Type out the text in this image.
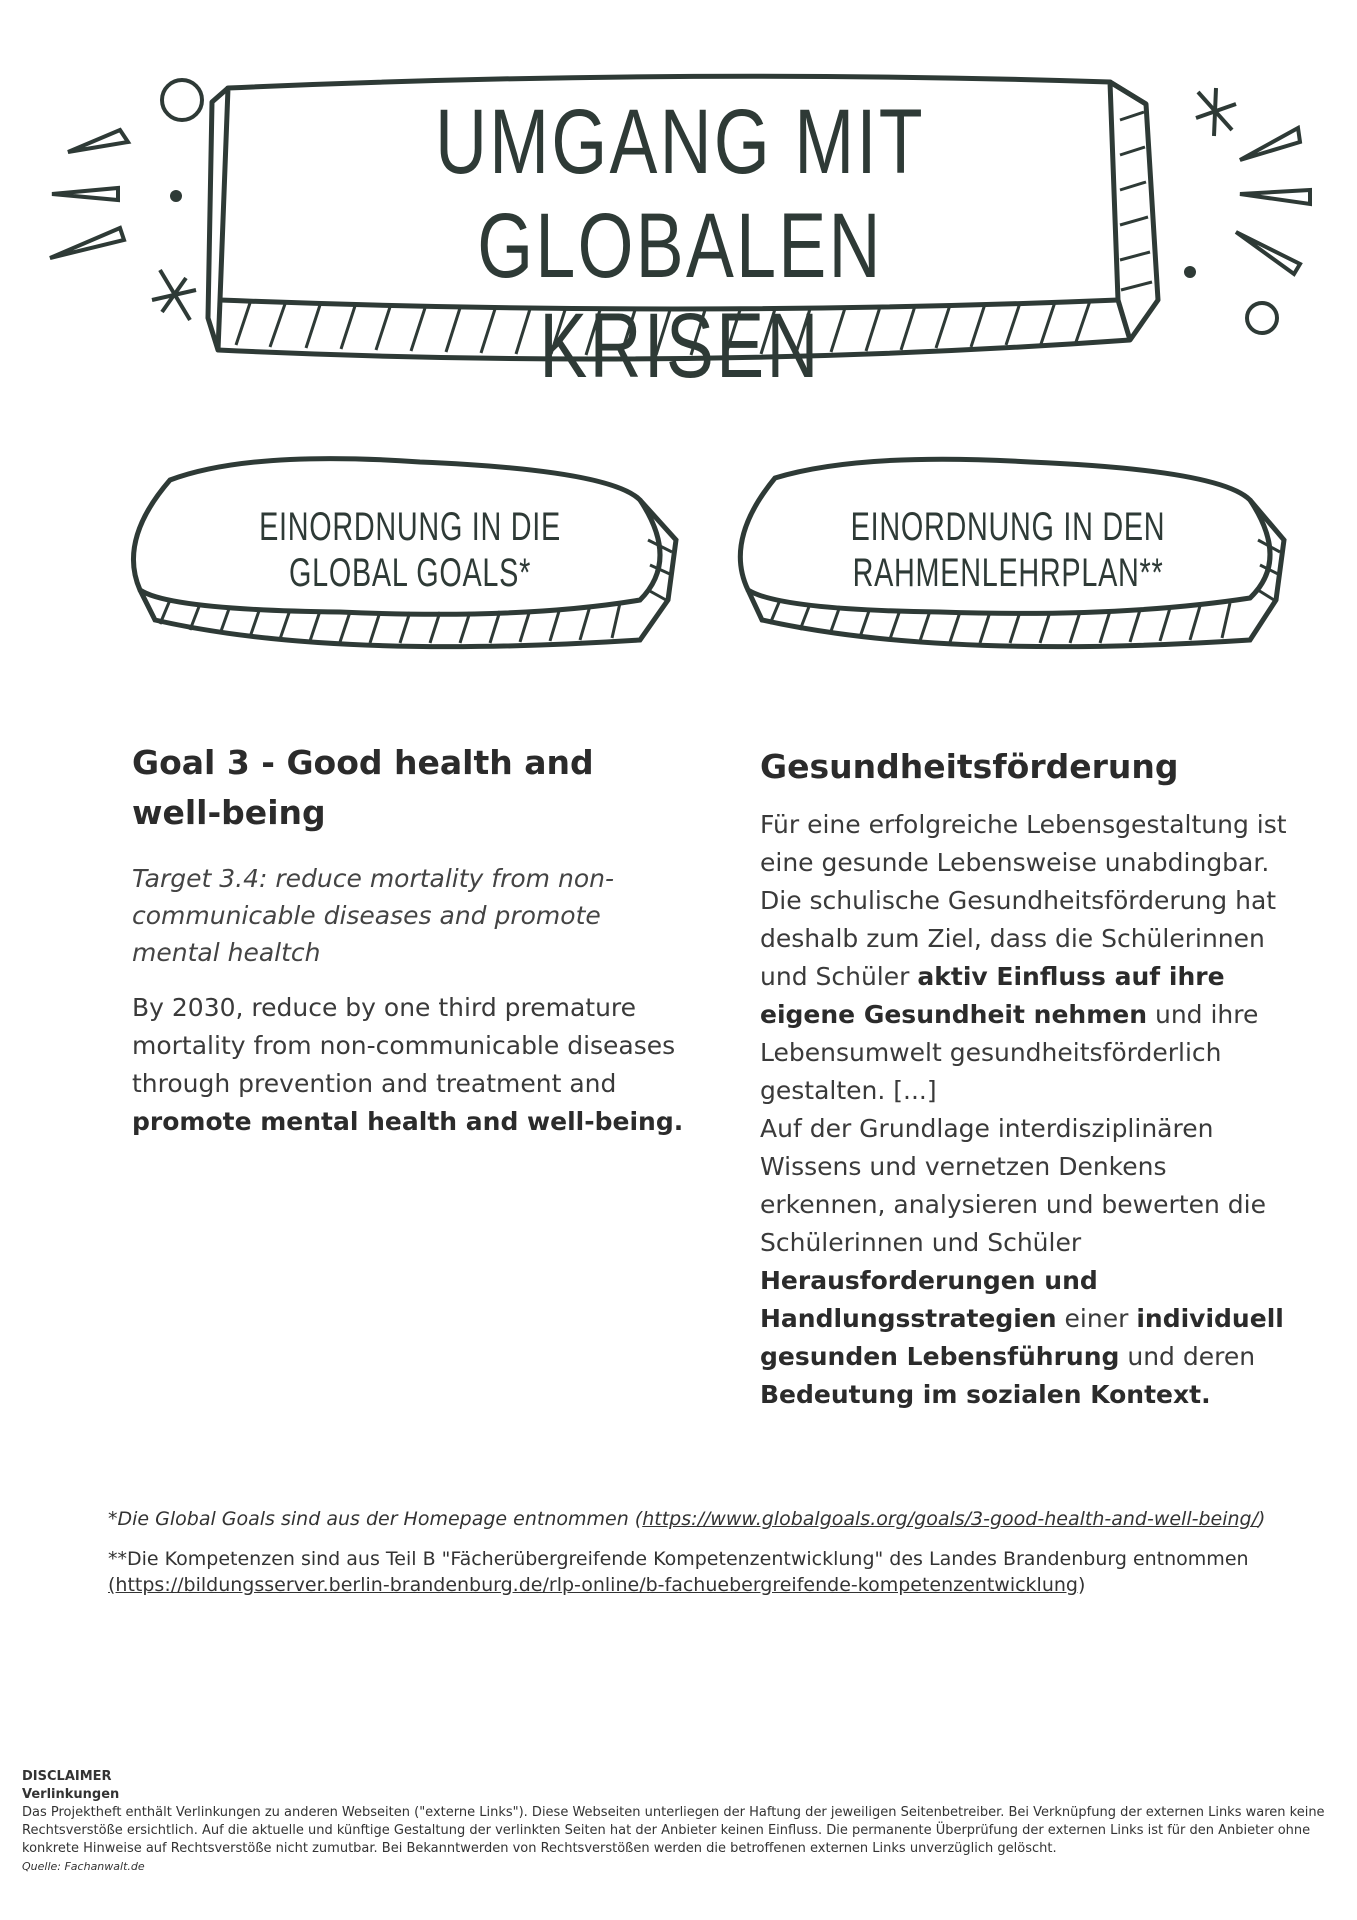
UMGANG MIT
GLOBALEN KRISEN
EINORDNUNG IN DIE
GLOBAL GOALS*
EINORDNUNG IN DEN
RAHMENLEHRPLAN**
Goal 3 - Good health and
well-being
Target 3.4: reduce mortality from non-communicable diseases and promote mental healtch
By 2030, reduce by one third premature mortality from non-communicable diseases through prevention and treatment and promote mental health and well-being.
Gesundheitsförderung
Für eine erfolgreiche Lebensgestaltung ist eine gesunde Lebensweise unabdingbar. Die schulische Gesundheitsförderung hat deshalb zum Ziel, dass die Schülerinnen und Schüler aktiv Einfluss auf ihre eigene Gesundheit nehmen und ihre Lebensumwelt gesundheitsförderlich gestalten. [...]
Auf der Grundlage interdisziplinären Wissens und vernetzen Denkens erkennen, analysieren und bewerten die Schülerinnen und Schüler Herausforderungen und Handlungsstrategien einer individuell gesunden Lebensführung und deren Bedeutung im sozialen Kontext.
*Die Global Goals sind aus der Homepage entnommen (https://www.globalgoals.org/goals/3-good-health-and-well-being/)
**Die Kompetenzen sind aus Teil B "Fächerübergreifende Kompetenzentwicklung" des Landes Brandenburg entnommen
(https://bildungsserver.berlin-brandenburg.de/rlp-online/b-fachuebergreifende-kompetenzentwicklung)
DISCLAIMER
Verlinkungen
Das Projektheft enthält Verlinkungen zu anderen Webseiten ("externe Links"). Diese Webseiten unterliegen der Haftung der jeweiligen Seitenbetreiber. Bei Verknüpfung der externen Links waren keine Rechtsverstöße ersichtlich. Auf die aktuelle und künftige Gestaltung der verlinkten Seiten hat der Anbieter keinen Einfluss. Die permanente Überprüfung der externen Links ist für den Anbieter ohne konkrete Hinweise auf Rechtsverstöße nicht zumutbar. Bei Bekanntwerden von Rechtsverstößen werden die betroffenen externen Links unverzüglich gelöscht.
Quelle: Fachanwalt.de
